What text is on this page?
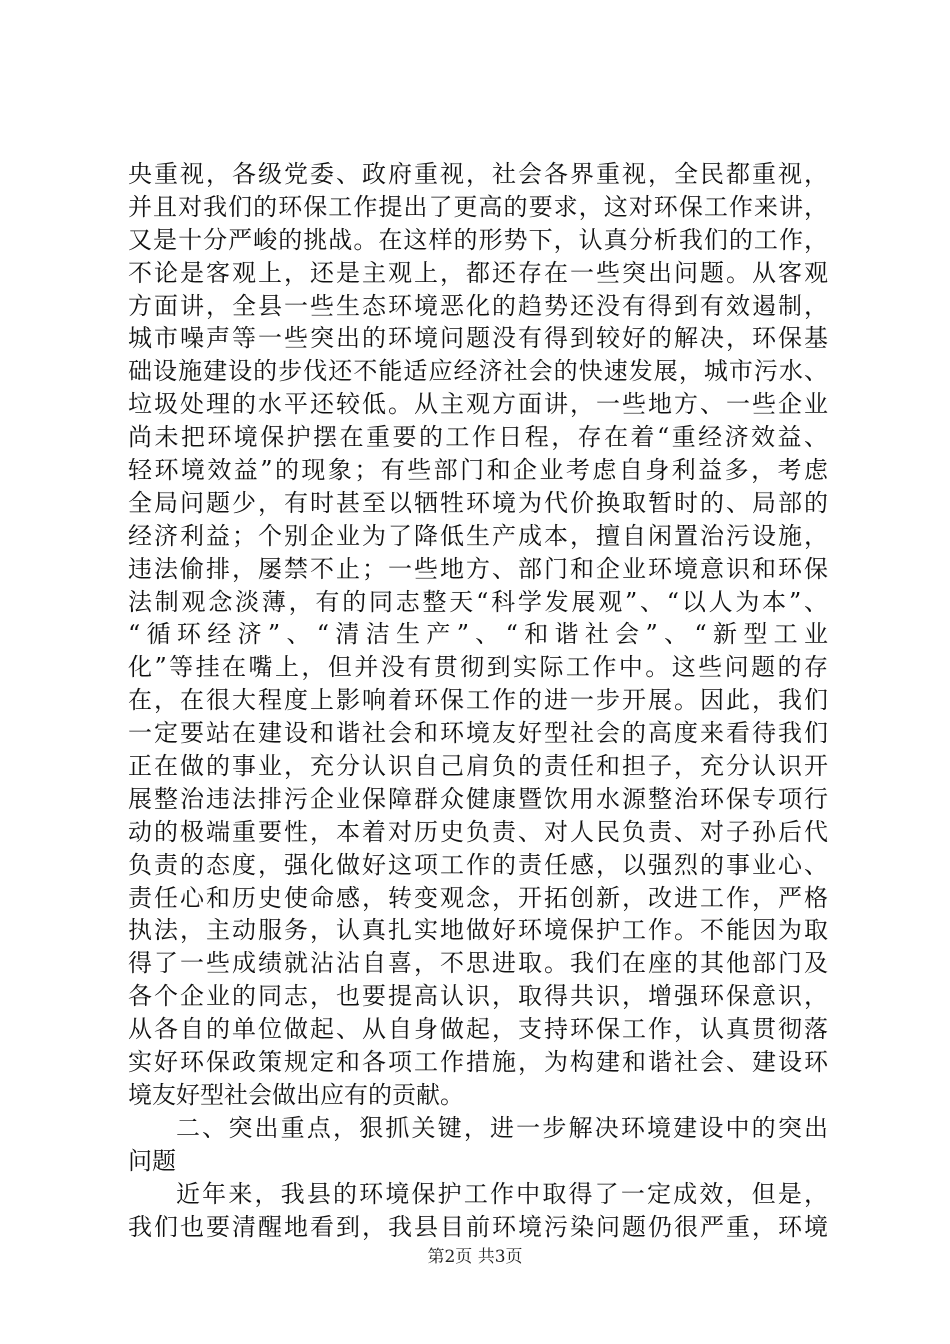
央重视，各级党委、政府重视，社会各界重视，全民都重视，
并且对我们的环保工作提出了更高的要求，这对环保工作来讲，
又是十分严峻的挑战。在这样的形势下，认真分析我们的工作，
不论是客观上，还是主观上，都还存在一些突出问题。从客观
方面讲，全县一些生态环境恶化的趋势还没有得到有效遏制，
城市噪声等一些突出的环境问题没有得到较好的解决，环保基
础设施建设的步伐还不能适应经济社会的快速发展，城市污水、
垃圾处理的水平还较低。从主观方面讲，一些地方、一些企业
尚未把环境保护摆在重要的工作日程，存在着“重经济效益、
轻环境效益”的现象；有些部门和企业考虑自身利益多，考虑
全局问题少，有时甚至以牺牲环境为代价换取暂时的、局部的
经济利益；个别企业为了降低生产成本，擅自闲置治污设施，
违法偷排，屡禁不止；一些地方、部门和企业环境意识和环保
法制观念淡薄，有的同志整天“科学发展观”、“以人为本”、
“循环经济”、“清洁生产”、“和谐社会”、“新型工业
化”等挂在嘴上，但并没有贯彻到实际工作中。这些问题的存
在，在很大程度上影响着环保工作的进一步开展。因此，我们
一定要站在建设和谐社会和环境友好型社会的高度来看待我们
正在做的事业，充分认识自己肩负的责任和担子，充分认识开
展整治违法排污企业保障群众健康暨饮用水源整治环保专项行
动的极端重要性，本着对历史负责、对人民负责、对子孙后代
负责的态度，强化做好这项工作的责任感，以强烈的事业心、
责任心和历史使命感，转变观念，开拓创新，改进工作，严格
执法，主动服务，认真扎实地做好环境保护工作。不能因为取
得了一些成绩就沾沾自喜，不思进取。我们在座的其他部门及
各个企业的同志，也要提高认识，取得共识，增强环保意识，
从各自的单位做起、从自身做起，支持环保工作，认真贯彻落
实好环保政策规定和各项工作措施，为构建和谐社会、建设环
境友好型社会做出应有的贡献。
二、突出重点，狠抓关键，进一步解决环境建设中的突出
问题
近年来，我县的环境保护工作中取得了一定成效，但是，
我们也要清醒地看到，我县目前环境污染问题仍很严重，环境
第2页 共3页
